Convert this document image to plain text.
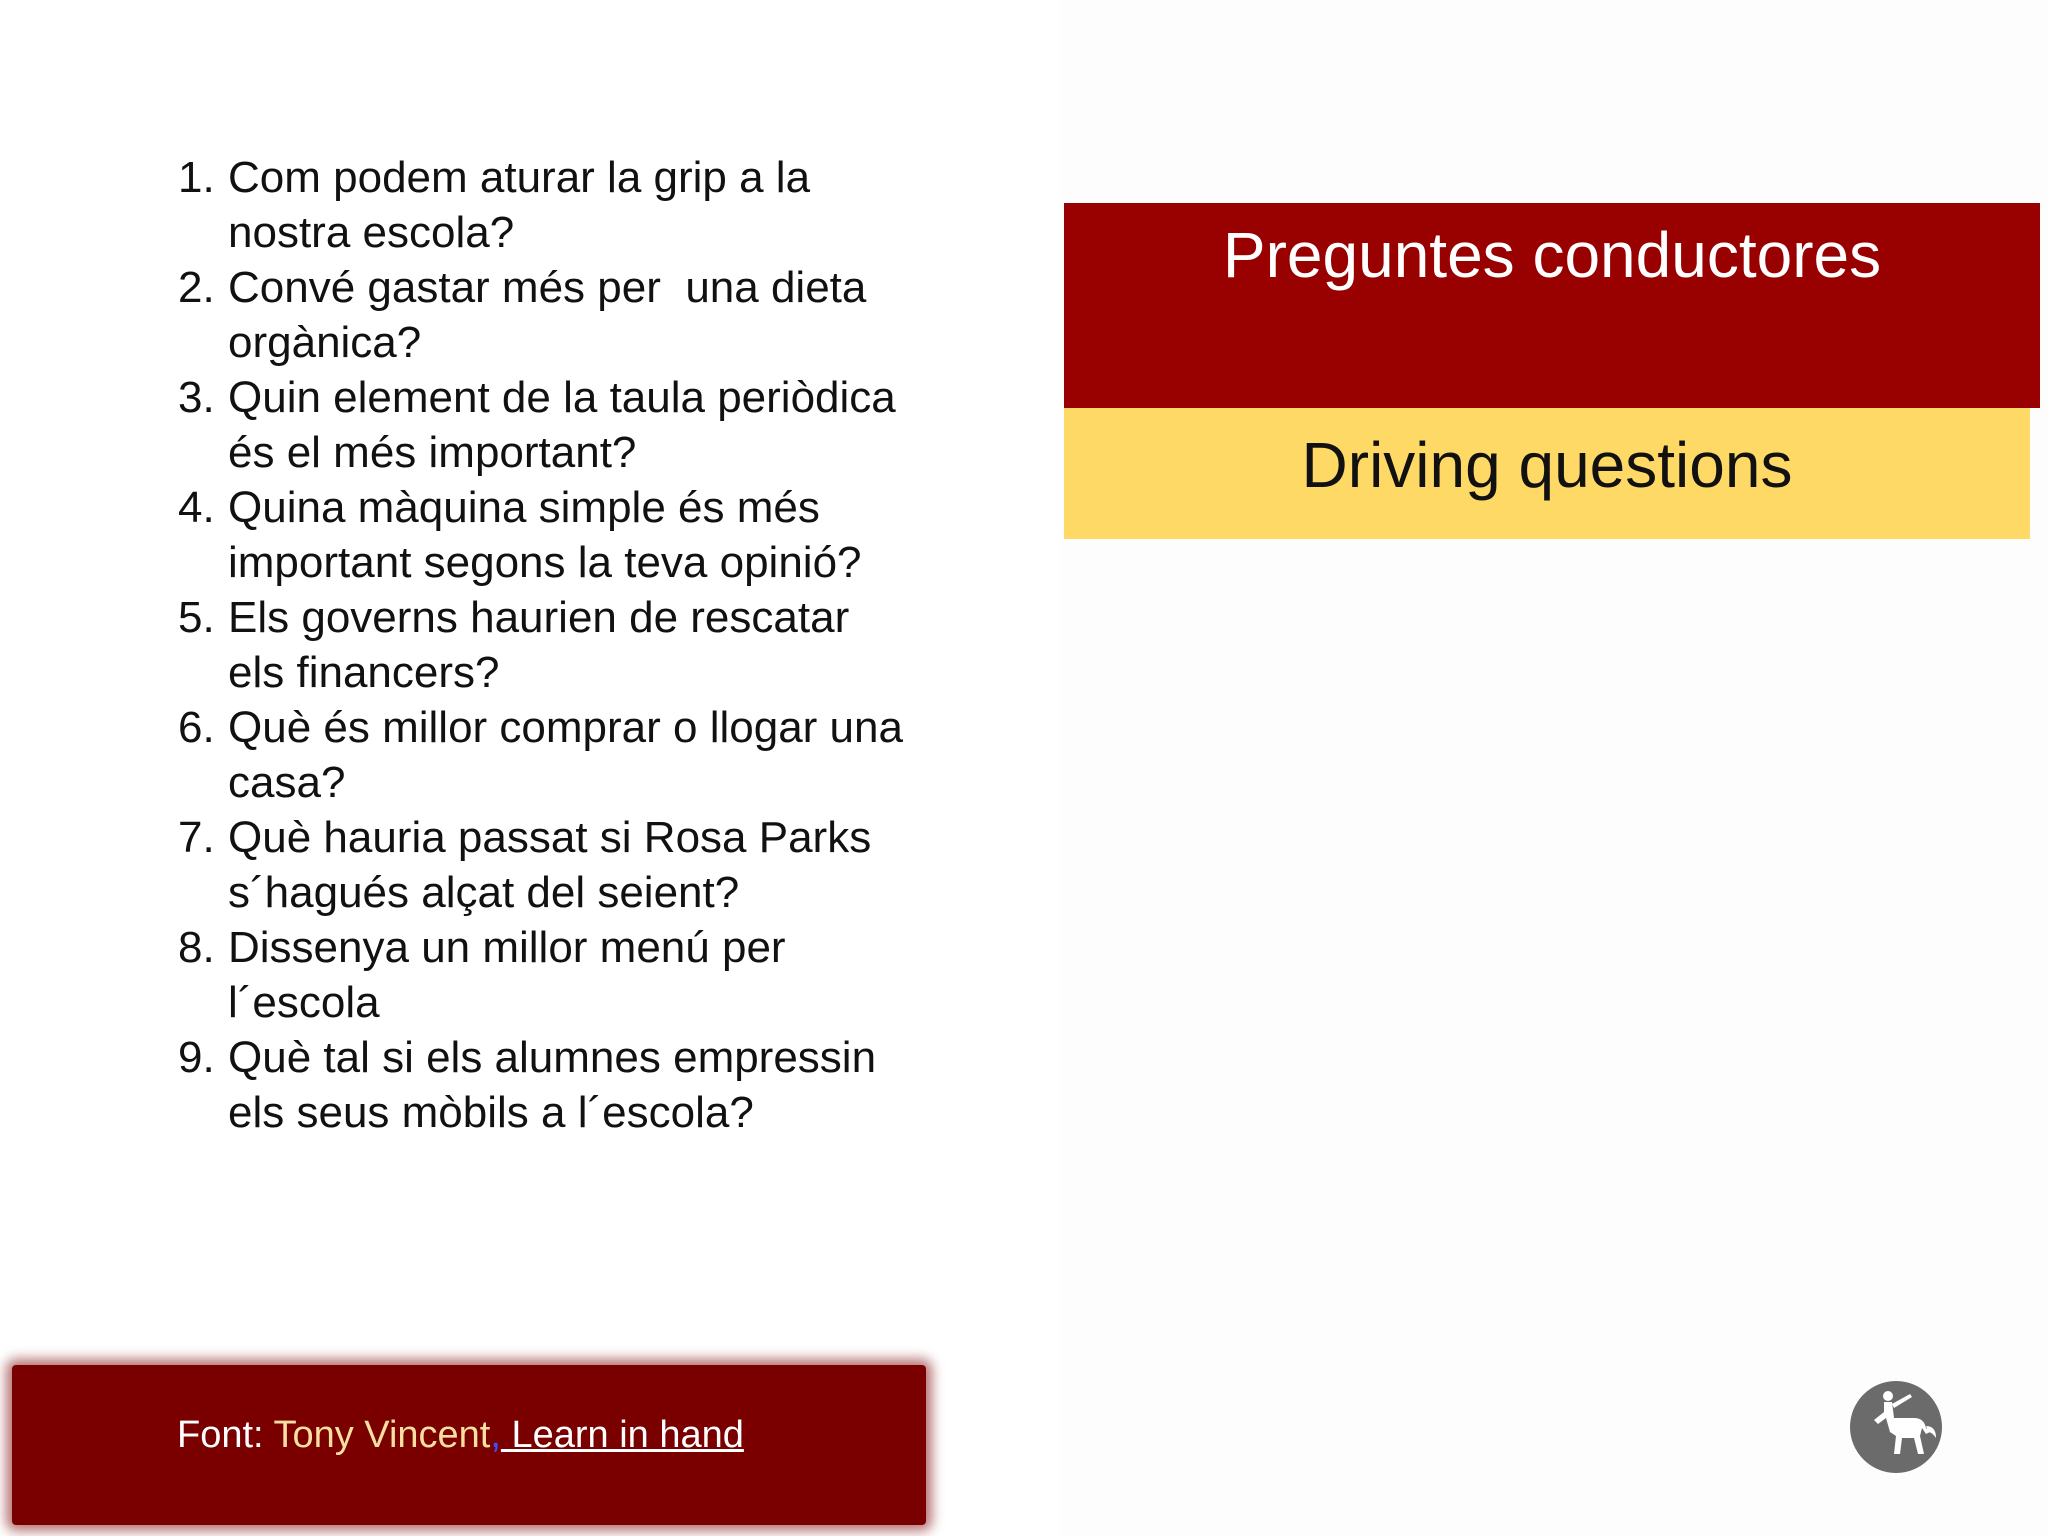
1. Com podem aturar la grip a la
nostra escola?
2. Convé gastar més per  una dieta
orgànica?
3. Quin element de la taula periòdica
és el més important?
4. Quina màquina simple és més
important segons la teva opinió?
5. Els governs haurien de rescatar
els financers?
6. Què és millor comprar o llogar una
casa?
7. Què hauria passat si Rosa Parks
s´hagués alçat del seient?
8. Dissenya un millor menú per
l´escola
9. Què tal si els alumnes empressin
els seus mòbils a l´escola?
Preguntes conductores
Driving questions
Font: Tony Vincent, Learn in hand
